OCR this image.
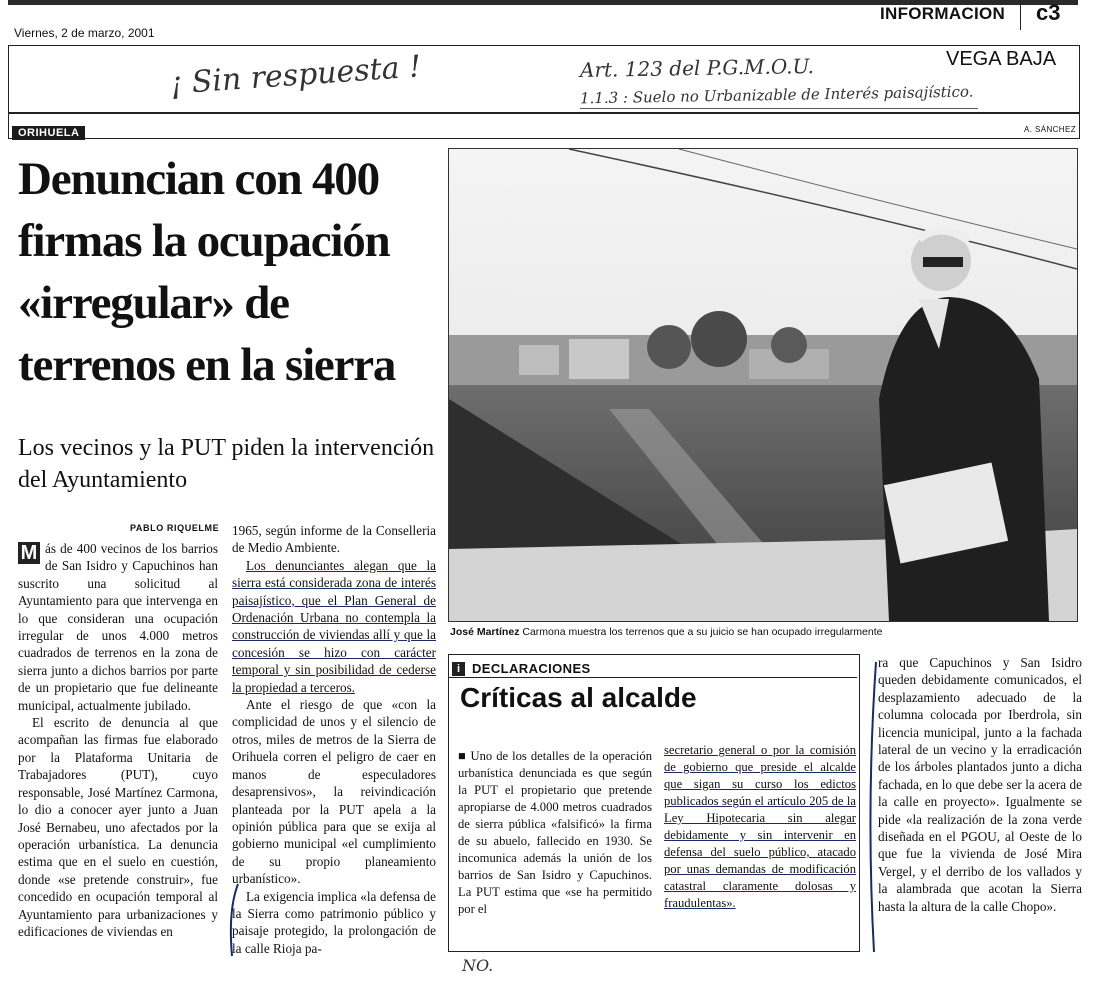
INFORMACION c3
Viernes, 2 de marzo, 2001
¡ Sin respuesta !	Art. 123 del P.G.M.O.U.
1.1.3 : Suelo no Urbanizable de Interés paisajístico.
VEGA BAJA
ORIHUELA	A. SÁNCHEZ
Denuncian con 400 firmas la ocupación «irregular» de terrenos en la sierra
Los vecinos y la PUT piden la intervención del Ayuntamiento
PABLO RIQUELME

M ás de 400 vecinos de los barrios de San Isidro y Capuchinos han suscrito una solicitud al Ayuntamiento para que intervenga en lo que consideran una ocupación irregular de unos 4.000 metros cuadrados de terrenos en la zona de sierra junto a dichos barrios por parte de un propietario que fue delineante municipal, actualmente jubilado.

El escrito de denuncia al que acompañan las firmas fue elaborado por la Plataforma Unitaria de Trabajadores (PUT), cuyo responsable, José Martínez Carmona, lo dio a conocer ayer junto a Juan José Bernabeu, uno afectados por la operación urbanística. La denuncia estima que en el suelo en cuestión, donde «se pretende construir», fue concedido en ocupación temporal al Ayuntamiento para urbanizaciones y edificaciones de viviendas en

1965, según informe de la Conselleria de Medio Ambiente.

Los denunciantes alegan que la sierra está considerada zona de interés paisajístico, que el Plan General de Ordenación Urbana no contempla la construcción de viviendas allí y que la concesión se hizo con carácter temporal y sin posibilidad de cederse la propiedad a terceros.

Ante el riesgo de que «con la complicidad de unos y el silencio de otros, miles de metros de la Sierra de Orihuela corren el peligro de caer en manos de especuladores desaprensivos», la reivindicación planteada por la PUT apela a la opinión pública para que se exija al gobierno municipal «el cumplimiento de su propio planeamiento urbanístico».

La exigencia implica «la defensa de la Sierra como patrimonio público y paisaje protegido, la prolongación de la calle Rioja pa-

José Martínez Carmona muestra los terrenos que a su juicio se han ocupado irregularmente
i DECLARACIONES
Críticas al alcalde

■ Uno de los detalles de la operación urbanística denunciada es que según la PUT el propietario que pretende apropiarse de 4.000 metros cuadrados de sierra pública «falsificó» la firma de su abuelo, fallecido en 1930. Se incomunica además la unión de los barrios de San Isidro y Capuchinos. La PUT estima que «se ha permitido por el

secretario general o por la comisión de gobierno que preside el alcalde que sigan su curso los edictos publicados según el artículo 205 de la Ley Hipotecaria sin alegar debidamente y sin intervenir en defensa del suelo público, atacado por unas demandas de modificación catastral claramente dolosas y fraudulentas».

NO.

ra que Capuchinos y San Isidro queden debidamente comunicados, el desplazamiento adecuado de la columna colocada por Iberdrola, sin licencia municipal, junto a la fachada lateral de un vecino y la erradicación de los árboles plantados junto a dicha fachada, en lo que debe ser la acera de la calle en proyecto». Igualmente se pide «la realización de la zona verde diseñada en el PGOU, al Oeste de lo que fue la vivienda de José Mira Vergel, y el derribo de los vallados y la alambrada que acotan la Sierra hasta la altura de la calle Chopo».
